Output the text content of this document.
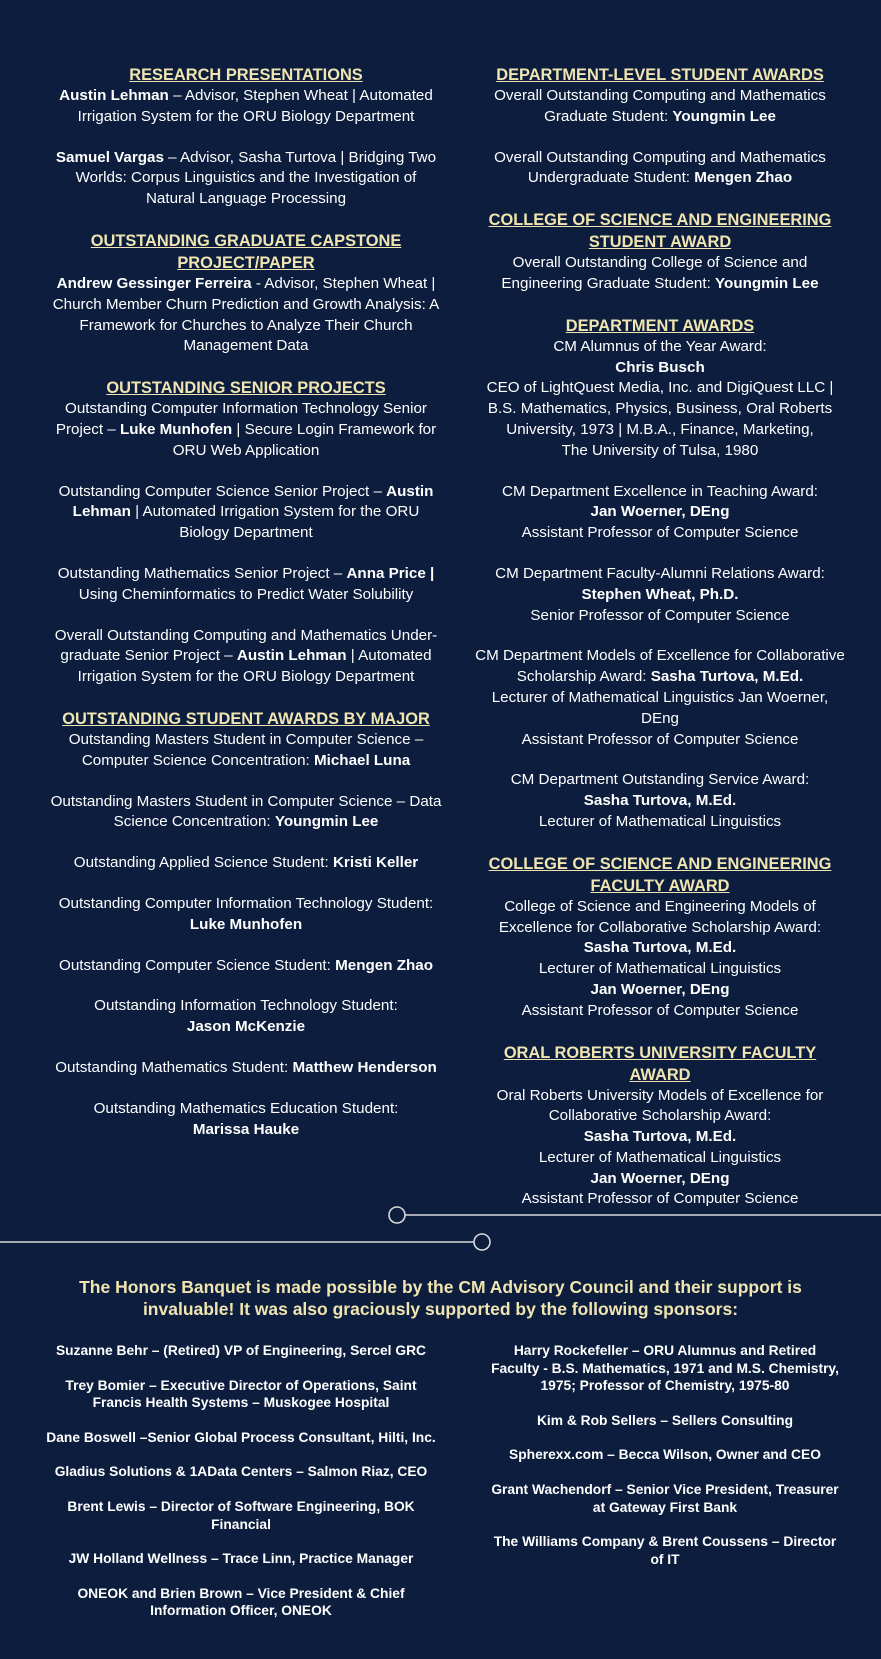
RESEARCH PRESENTATIONS

Austin Lehman – Advisor, Stephen Wheat | Automated Irrigation System for the ORU Biology Department

Samuel Vargas – Advisor, Sasha Turtova | Bridging Two Worlds: Corpus Linguistics and the Investigation of Natural Language Processing

OUTSTANDING GRADUATE CAPSTONE
PROJECT/PAPER

Andrew Gessinger Ferreira - Advisor, Stephen Wheat | Church Member Churn Prediction and Growth Analysis: A Framework for Churches to Analyze Their Church Management Data

OUTSTANDING SENIOR PROJECTS

Outstanding Computer Information Technology Senior Project – Luke Munhofen | Secure Login Framework for ORU Web Application

Outstanding Computer Science Senior Project – Austin Lehman | Automated Irrigation System for the ORU Biology Department

Outstanding Mathematics Senior Project – Anna Price | Using Cheminformatics to Predict Water Solubility

Overall Outstanding Computing and Mathematics Under-graduate Senior Project – Austin Lehman | Automated Irrigation System for the ORU Biology Department

OUTSTANDING STUDENT AWARDS BY MAJOR

Outstanding Masters Student in Computer Science – Computer Science Concentration: Michael Luna

Outstanding Masters Student in Computer Science – Data Science Concentration: Youngmin Lee

Outstanding Applied Science Student: Kristi Keller

Outstanding Computer Information Technology Student: Luke Munhofen

Outstanding Computer Science Student: Mengen Zhao

Outstanding Information Technology Student:
Jason McKenzie

Outstanding Mathematics Student: Matthew Henderson

Outstanding Mathematics Education Student:
Marissa Hauke

DEPARTMENT-LEVEL STUDENT AWARDS

Overall Outstanding Computing and Mathematics Graduate Student: Youngmin Lee

Overall Outstanding Computing and Mathematics Undergraduate Student: Mengen Zhao

COLLEGE OF SCIENCE AND ENGINEERING
STUDENT AWARD

Overall Outstanding College of Science and Engineering Graduate Student: Youngmin Lee

DEPARTMENT AWARDS

CM Alumnus of the Year Award:

Chris Busch

CEO of LightQuest Media, Inc. and DigiQuest LLC | B.S. Mathematics, Physics, Business, Oral Roberts University, 1973 | M.B.A., Finance, Marketing,

The University of Tulsa, 1980

CM Department Excellence in Teaching Award:

Jan Woerner, DEng

Assistant Professor of Computer Science

CM Department Faculty-Alumni Relations Award:

Stephen Wheat, Ph.D.

Senior Professor of Computer Science

CM Department Models of Excellence for Collaborative Scholarship Award: Sasha Turtova, M.Ed.

Lecturer of Mathematical Linguistics Jan Woerner, DEng

Assistant Professor of Computer Science

CM Department Outstanding Service Award:

Sasha Turtova, M.Ed.

Lecturer of Mathematical Linguistics

COLLEGE OF SCIENCE AND ENGINEERING
FACULTY AWARD

College of Science and Engineering Models of Excellence for Collaborative Scholarship Award:

Sasha Turtova, M.Ed.

Lecturer of Mathematical Linguistics

Jan Woerner, DEng

Assistant Professor of Computer Science

ORAL ROBERTS UNIVERSITY FACULTY AWARD

Oral Roberts University Models of Excellence for Collaborative Scholarship Award:

Sasha Turtova, M.Ed.

Lecturer of Mathematical Linguistics

Jan Woerner, DEng

Assistant Professor of Computer Science

The Honors Banquet is made possible by the CM Advisory Council and their support is invaluable! It was also graciously supported by the following sponsors:

Suzanne Behr – (Retired) VP of Engineering, Sercel GRC

Trey Bomier – Executive Director of Operations, Saint Francis Health Systems – Muskogee Hospital

Dane Boswell –Senior Global Process Consultant, Hilti, Inc.

Gladius Solutions & 1AData Centers – Salmon Riaz, CEO

Brent Lewis – Director of Software Engineering, BOK Financial

JW Holland Wellness – Trace Linn, Practice Manager

ONEOK and Brien Brown – Vice President & Chief Information Officer, ONEOK

Harry Rockefeller – ORU Alumnus and Retired Faculty - B.S. Mathematics, 1971 and M.S. Chemistry, 1975; Professor of Chemistry, 1975-80

Kim & Rob Sellers – Sellers Consulting

Spherexx.com – Becca Wilson, Owner and CEO

Grant Wachendorf – Senior Vice President, Treasurer at Gateway First Bank

The Williams Company & Brent Coussens – Director of IT
